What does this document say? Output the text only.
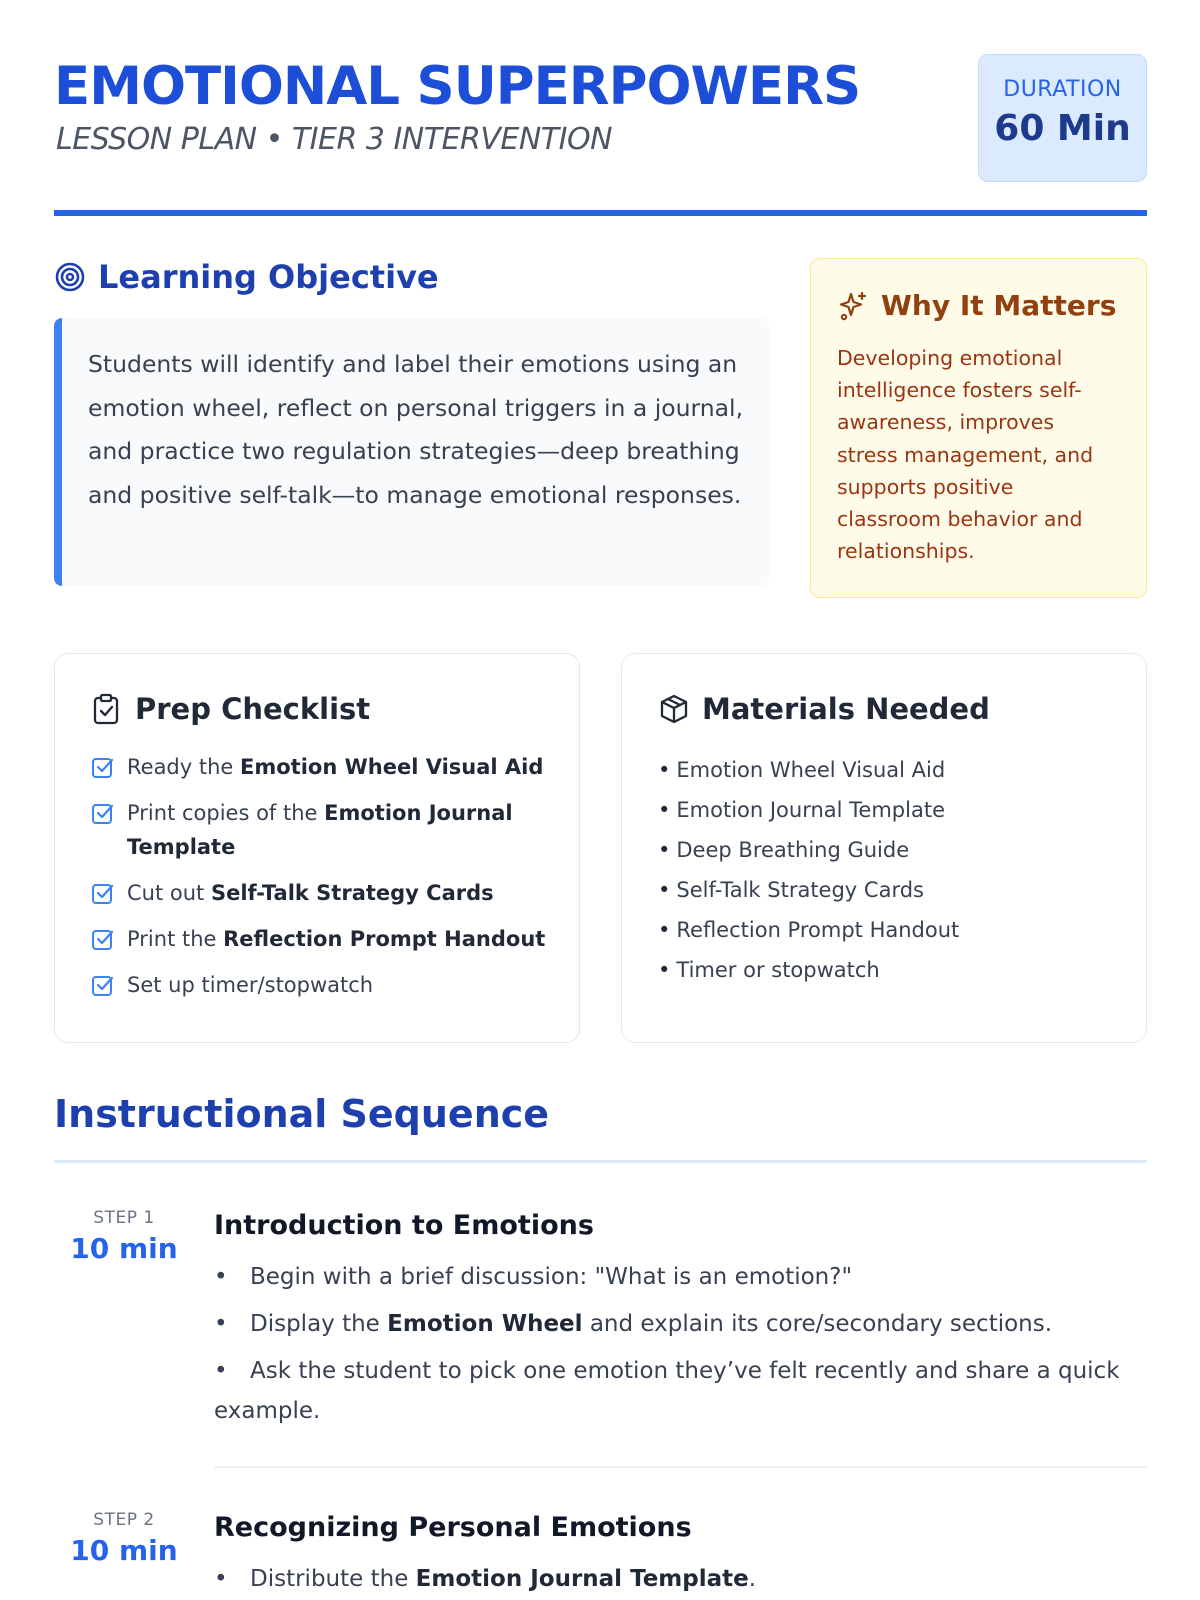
EMOTIONAL SUPERPOWERS
LESSON PLAN • TIER 3 INTERVENTION
DURATION
60 Min
Learning Objective

Students will identify and label their emotions using an emotion wheel, reflect on personal triggers in a journal, and practice two regulation strategies—deep breathing and positive self-talk—to manage emotional responses.

Why It Matters

Developing emotional intelligence fosters self-awareness, improves stress management, and supports positive classroom behavior and relationships.

Prep Checklist
Ready the Emotion Wheel Visual Aid
Print copies of the Emotion Journal Template
Cut out Self-Talk Strategy Cards
Print the Reflection Prompt Handout
Set up timer/stopwatch
Materials Needed
• Emotion Wheel Visual Aid
• Emotion Journal Template
• Deep Breathing Guide
• Self-Talk Strategy Cards
• Reflection Prompt Handout
• Timer or stopwatch
Instructional Sequence
STEP 1
10 min
Introduction to Emotions
• Begin with a brief discussion: "What is an emotion?"
• Display the Emotion Wheel and explain its core/secondary sections.
• Ask the student to pick one emotion they’ve felt recently and share a quick example.
STEP 2
10 min
Recognizing Personal Emotions
• Distribute the Emotion Journal Template.
